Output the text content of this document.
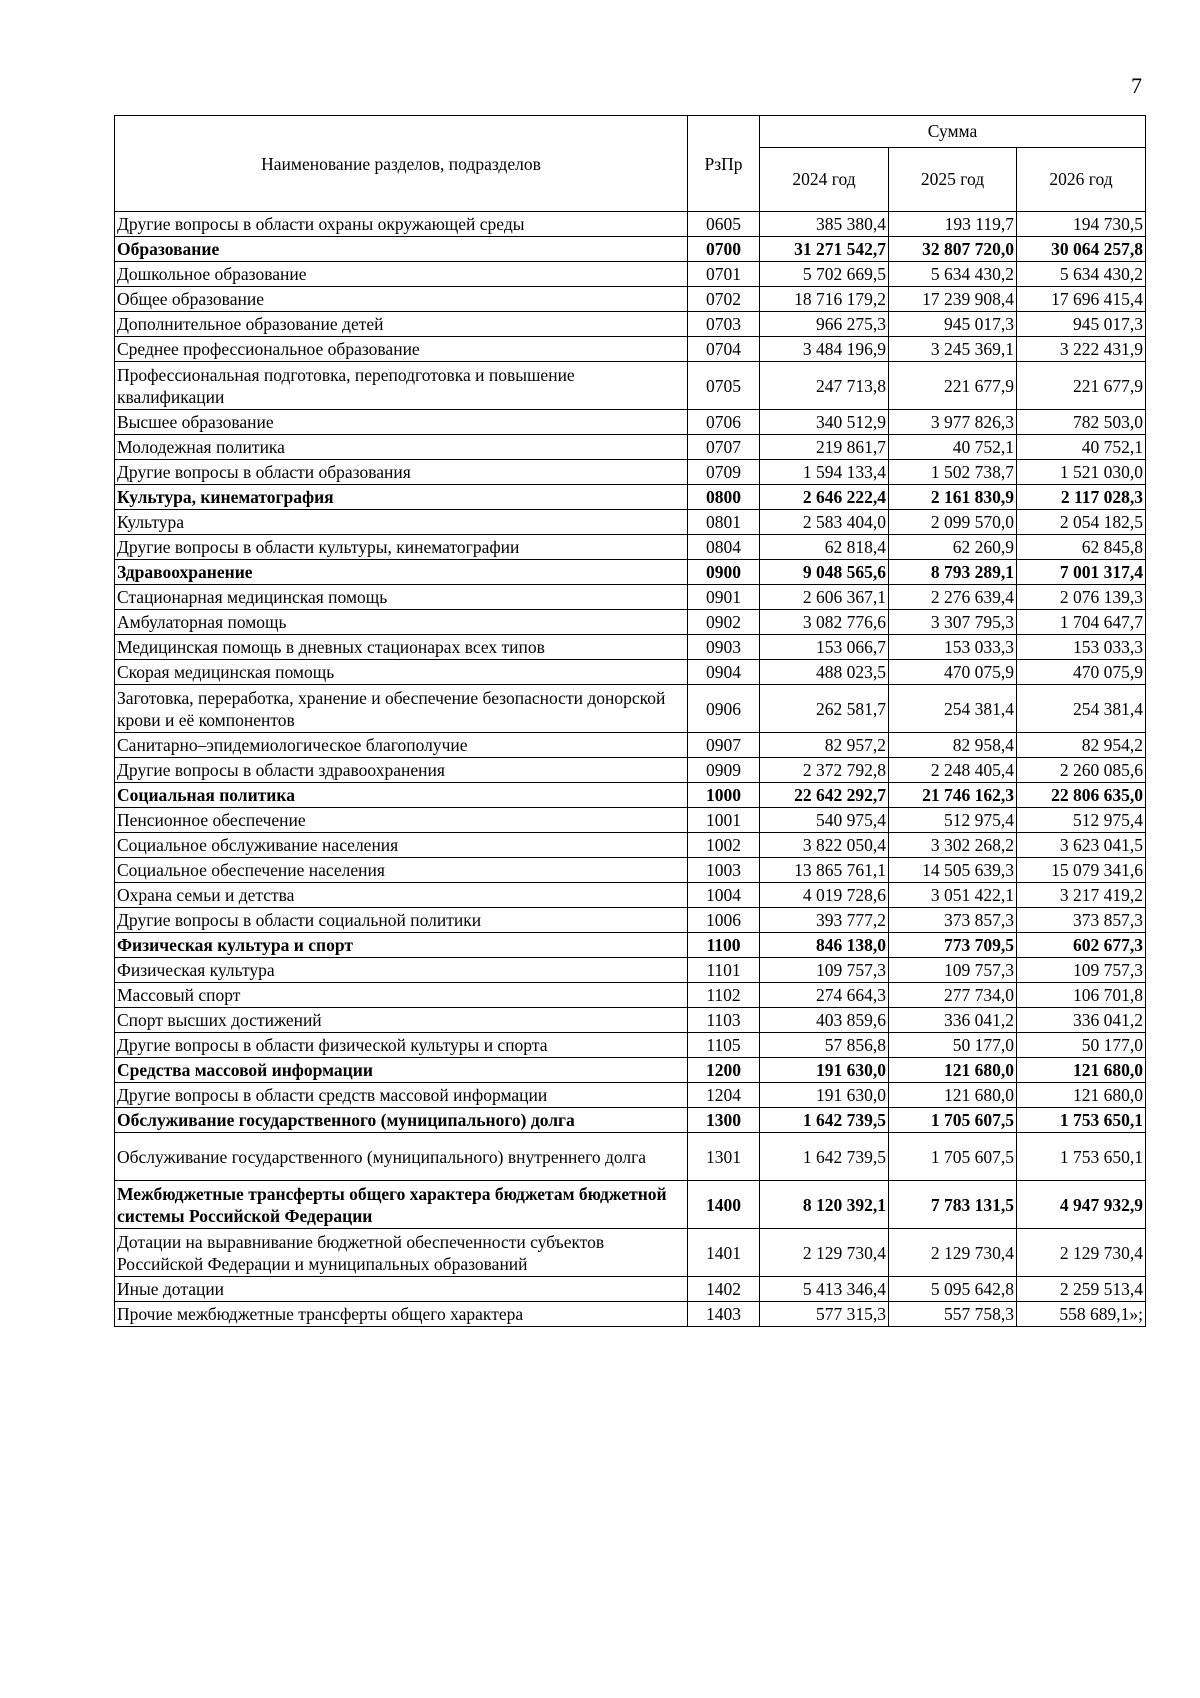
7
Наименование разделов, подразделов	РзПр	Сумма		
		2024 год	2025 год	2026 год
Другие вопросы в области охраны окружающей среды	0605	385 380,4	193 119,7	194 730,5
Образование	0700	31 271 542,7	32 807 720,0	30 064 257,8
Дошкольное образование	0701	5 702 669,5	5 634 430,2	5 634 430,2
Общее образование	0702	18 716 179,2	17 239 908,4	17 696 415,4
Дополнительное образование детей	0703	966 275,3	945 017,3	945 017,3
Среднее профессиональное образование	0704	3 484 196,9	3 245 369,1	3 222 431,9
Профессиональная подготовка, переподготовка и повышение квалификации	0705	247 713,8	221 677,9	221 677,9
Высшее образование	0706	340 512,9	3 977 826,3	782 503,0
Молодежная политика	0707	219 861,7	40 752,1	40 752,1
Другие вопросы в области образования	0709	1 594 133,4	1 502 738,7	1 521 030,0
Культура, кинематография	0800	2 646 222,4	2 161 830,9	2 117 028,3
Культура	0801	2 583 404,0	2 099 570,0	2 054 182,5
Другие вопросы в области культуры, кинематографии	0804	62 818,4	62 260,9	62 845,8
Здравоохранение	0900	9 048 565,6	8 793 289,1	7 001 317,4
Стационарная медицинская помощь	0901	2 606 367,1	2 276 639,4	2 076 139,3
Амбулаторная помощь	0902	3 082 776,6	3 307 795,3	1 704 647,7
Медицинская помощь в дневных стационарах всех типов	0903	153 066,7	153 033,3	153 033,3
Скорая медицинская помощь	0904	488 023,5	470 075,9	470 075,9
Заготовка, переработка, хранение и обеспечение безопасности донорской крови и её компонентов	0906	262 581,7	254 381,4	254 381,4
Санитарно–эпидемиологическое благополучие	0907	82 957,2	82 958,4	82 954,2
Другие вопросы в области здравоохранения	0909	2 372 792,8	2 248 405,4	2 260 085,6
Социальная политика	1000	22 642 292,7	21 746 162,3	22 806 635,0
Пенсионное обеспечение	1001	540 975,4	512 975,4	512 975,4
Социальное обслуживание населения	1002	3 822 050,4	3 302 268,2	3 623 041,5
Социальное обеспечение населения	1003	13 865 761,1	14 505 639,3	15 079 341,6
Охрана семьи и детства	1004	4 019 728,6	3 051 422,1	3 217 419,2
Другие вопросы в области социальной политики	1006	393 777,2	373 857,3	373 857,3
Физическая культура и спорт	1100	846 138,0	773 709,5	602 677,3
Физическая культура	1101	109 757,3	109 757,3	109 757,3
Массовый спорт	1102	274 664,3	277 734,0	106 701,8
Спорт высших достижений	1103	403 859,6	336 041,2	336 041,2
Другие вопросы в области физической культуры и спорта	1105	57 856,8	50 177,0	50 177,0
Средства массовой информации	1200	191 630,0	121 680,0	121 680,0
Другие вопросы в области средств массовой информации	1204	191 630,0	121 680,0	121 680,0
Обслуживание государственного (муниципального) долга	1300	1 642 739,5	1 705 607,5	1 753 650,1
Обслуживание государственного (муниципального) внутреннего долга	1301	1 642 739,5	1 705 607,5	1 753 650,1
Межбюджетные трансферты общего характера бюджетам бюджетной системы Российской Федерации	1400	8 120 392,1	7 783 131,5	4 947 932,9
Дотации на выравнивание бюджетной обеспеченности субъектов Российской Федерации и муниципальных образований	1401	2 129 730,4	2 129 730,4	2 129 730,4
Иные дотации	1402	5 413 346,4	5 095 642,8	2 259 513,4
Прочие межбюджетные трансферты общего характера	1403	577 315,3	557 758,3	558 689,1»;
